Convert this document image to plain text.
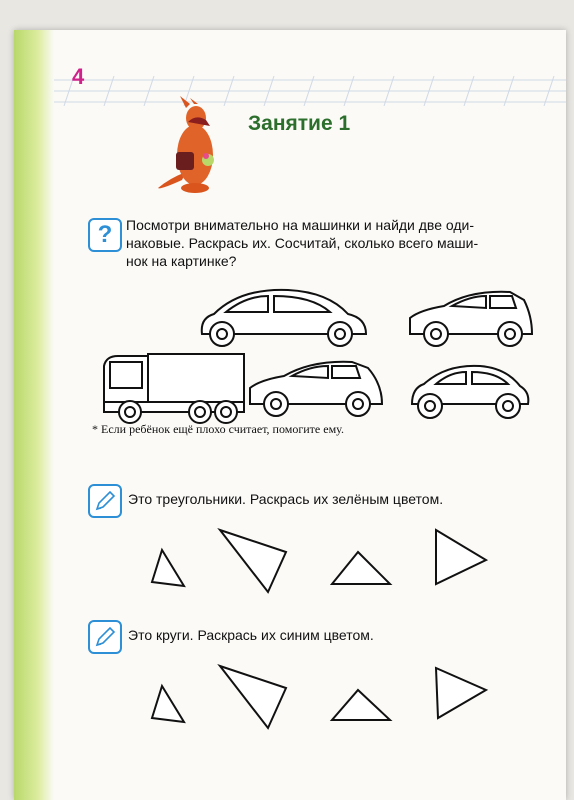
4
Занятие 1
? Посмотри внимательно на машинки и найди две оди-
наковые. Раскрась их. Сосчитай, сколько всего маши-
нок на картинке?
* Если ребёнок ещё плохо считает, помогите ему.
Это треугольники. Раскрась их зелёным цветом.
Это круги. Раскрась их синим цветом.
